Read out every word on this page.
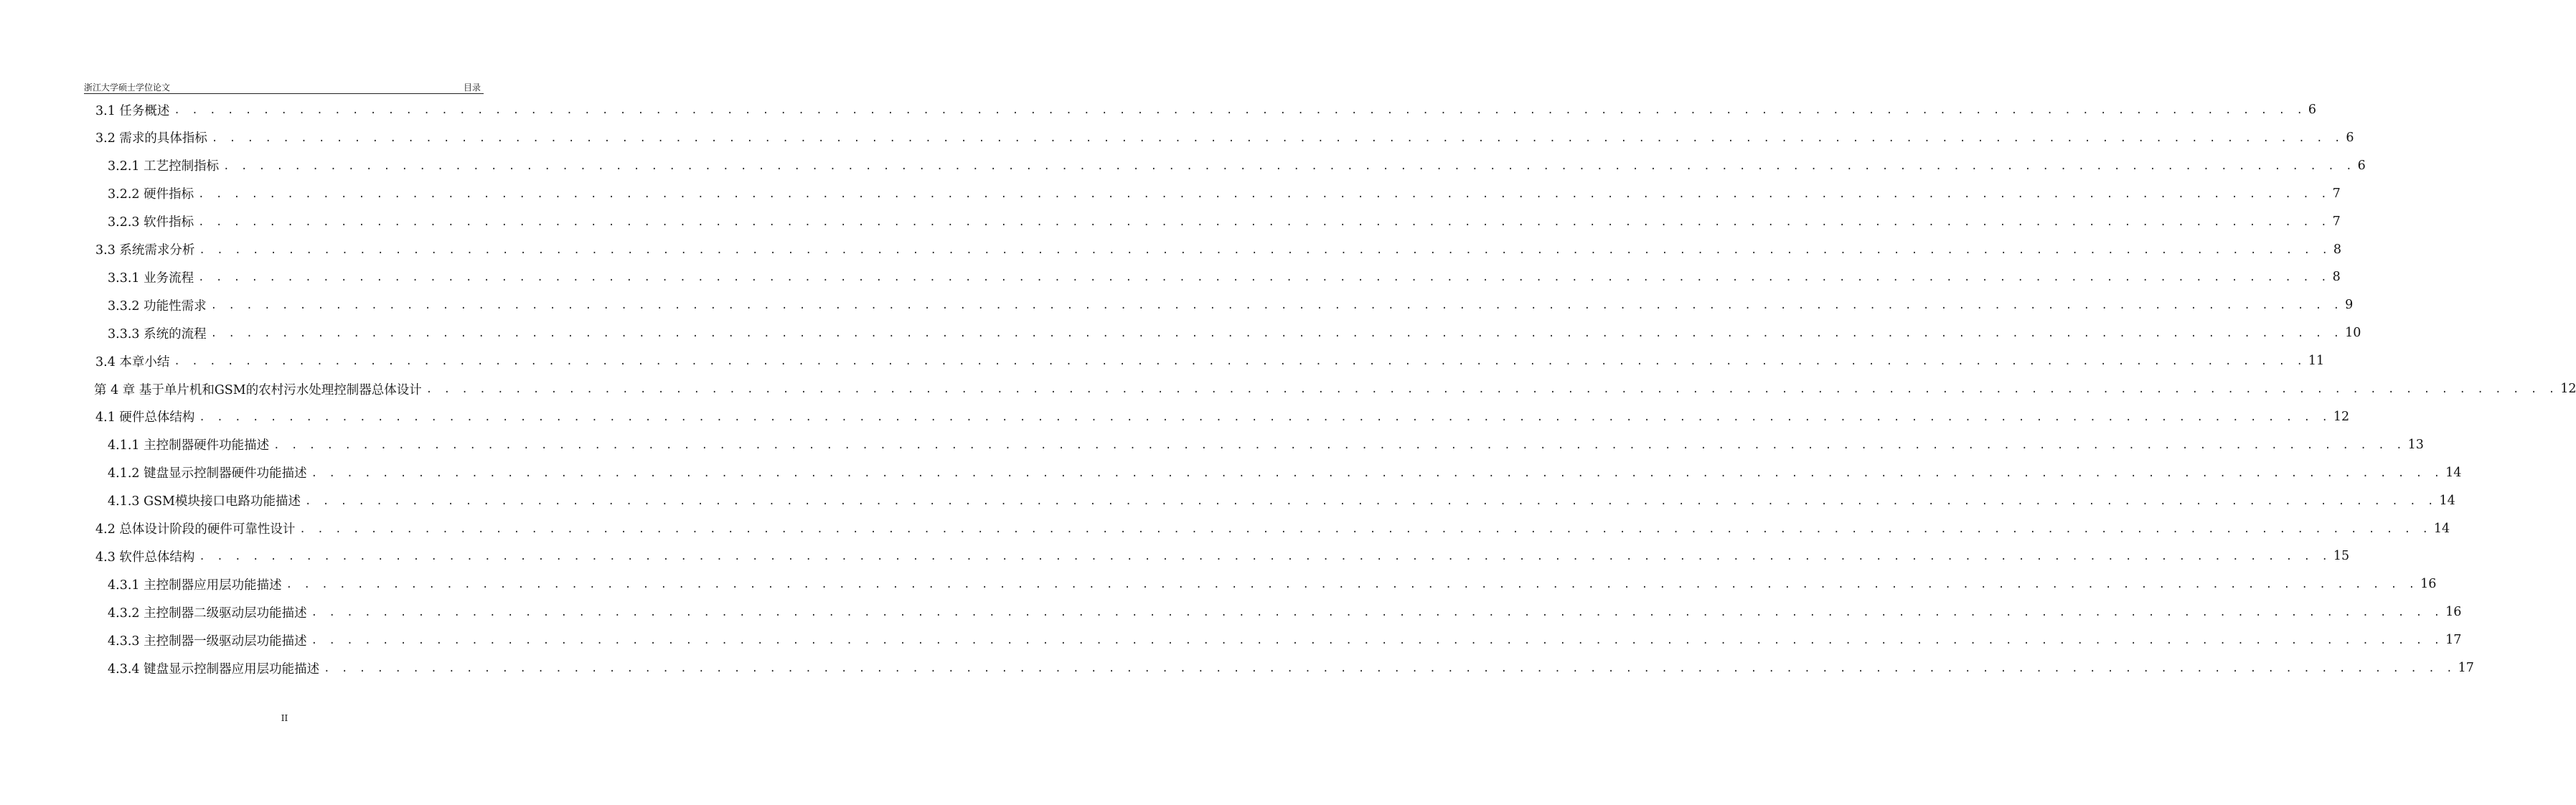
浙江大学硕士学位论文	目录
3.1 任务概述 . . . . . . . . . . . . . . . . . . . . . . . . . . . . . . . . . . . . . . . . . . . . . . . . . . . . . . . . . . . . . . . . . . . . . . . . . . . . . . . . . . . . . . . . . . . . . . . . . . . . . . . . . . . . . . . . . . . . . . . . 6
3.2 需求的具体指标 . . . . . . . . . . . . . . . . . . . . . . . . . . . . . . . . . . . . . . . . . . . . . . . . . . . . . . . . . . . . . . . . . . . . . . . . . . . . . . . . . . . . . . . . . . . . . . . . . . . . . . . . . . . . . . . . . . . . . . . . 6
3.2.1 工艺控制指标 . . . . . . . . . . . . . . . . . . . . . . . . . . . . . . . . . . . . . . . . . . . . . . . . . . . . . . . . . . . . . . . . . . . . . . . . . . . . . . . . . . . . . . . . . . . . . . . . . . . . . . . . . . . . . . . . . . . . . . . . 6
3.2.2 硬件指标 . . . . . . . . . . . . . . . . . . . . . . . . . . . . . . . . . . . . . . . . . . . . . . . . . . . . . . . . . . . . . . . . . . . . . . . . . . . . . . . . . . . . . . . . . . . . . . . . . . . . . . . . . . . . . . . . . . . . . . . . 7
3.2.3 软件指标 . . . . . . . . . . . . . . . . . . . . . . . . . . . . . . . . . . . . . . . . . . . . . . . . . . . . . . . . . . . . . . . . . . . . . . . . . . . . . . . . . . . . . . . . . . . . . . . . . . . . . . . . . . . . . . . . . . . . . . . . 7
3.3 系统需求分析 . . . . . . . . . . . . . . . . . . . . . . . . . . . . . . . . . . . . . . . . . . . . . . . . . . . . . . . . . . . . . . . . . . . . . . . . . . . . . . . . . . . . . . . . . . . . . . . . . . . . . . . . . . . . . . . . . . . . . . . . 8
3.3.1 业务流程 . . . . . . . . . . . . . . . . . . . . . . . . . . . . . . . . . . . . . . . . . . . . . . . . . . . . . . . . . . . . . . . . . . . . . . . . . . . . . . . . . . . . . . . . . . . . . . . . . . . . . . . . . . . . . . . . . . . . . . . . 8
3.3.2 功能性需求 . . . . . . . . . . . . . . . . . . . . . . . . . . . . . . . . . . . . . . . . . . . . . . . . . . . . . . . . . . . . . . . . . . . . . . . . . . . . . . . . . . . . . . . . . . . . . . . . . . . . . . . . . . . . . . . . . . . . . . . . 9
3.3.3 系统的流程 . . . . . . . . . . . . . . . . . . . . . . . . . . . . . . . . . . . . . . . . . . . . . . . . . . . . . . . . . . . . . . . . . . . . . . . . . . . . . . . . . . . . . . . . . . . . . . . . . . . . . . . . . . . . . . . . . . . . . . . . 10
3.4 本章小结 . . . . . . . . . . . . . . . . . . . . . . . . . . . . . . . . . . . . . . . . . . . . . . . . . . . . . . . . . . . . . . . . . . . . . . . . . . . . . . . . . . . . . . . . . . . . . . . . . . . . . . . . . . . . . . . . . . . . . . . . 11
第 4 章 基于单片机和GSM的农村污水处理控制器总体设计 . . . . . . . . . . . . . . . . . . . . . . . . . . . . . . . . . . . . . . . . . . . . . . . . . . . . . . . . . . . . . . . . . . . . . . . . . . . . . . . . . . . . . . . . . . . . . . . . . . . . . . . . . . . . . . . . . . . . . . . . 12
4.1 硬件总体结构 . . . . . . . . . . . . . . . . . . . . . . . . . . . . . . . . . . . . . . . . . . . . . . . . . . . . . . . . . . . . . . . . . . . . . . . . . . . . . . . . . . . . . . . . . . . . . . . . . . . . . . . . . . . . . . . . . . . . . . . . 12
4.1.1 主控制器硬件功能描述 . . . . . . . . . . . . . . . . . . . . . . . . . . . . . . . . . . . . . . . . . . . . . . . . . . . . . . . . . . . . . . . . . . . . . . . . . . . . . . . . . . . . . . . . . . . . . . . . . . . . . . . . . . . . . . . . . . . . . . . . 13
4.1.2 键盘显示控制器硬件功能描述 . . . . . . . . . . . . . . . . . . . . . . . . . . . . . . . . . . . . . . . . . . . . . . . . . . . . . . . . . . . . . . . . . . . . . . . . . . . . . . . . . . . . . . . . . . . . . . . . . . . . . . . . . . . . . . . . . . . . . . . . 14
4.1.3 GSM模块接口电路功能描述 . . . . . . . . . . . . . . . . . . . . . . . . . . . . . . . . . . . . . . . . . . . . . . . . . . . . . . . . . . . . . . . . . . . . . . . . . . . . . . . . . . . . . . . . . . . . . . . . . . . . . . . . . . . . . . . . . . . . . . . . 14
4.2 总体设计阶段的硬件可靠性设计 . . . . . . . . . . . . . . . . . . . . . . . . . . . . . . . . . . . . . . . . . . . . . . . . . . . . . . . . . . . . . . . . . . . . . . . . . . . . . . . . . . . . . . . . . . . . . . . . . . . . . . . . . . . . . . . . . . . . . . . . 14
4.3 软件总体结构 . . . . . . . . . . . . . . . . . . . . . . . . . . . . . . . . . . . . . . . . . . . . . . . . . . . . . . . . . . . . . . . . . . . . . . . . . . . . . . . . . . . . . . . . . . . . . . . . . . . . . . . . . . . . . . . . . . . . . . . . 15
4.3.1 主控制器应用层功能描述 . . . . . . . . . . . . . . . . . . . . . . . . . . . . . . . . . . . . . . . . . . . . . . . . . . . . . . . . . . . . . . . . . . . . . . . . . . . . . . . . . . . . . . . . . . . . . . . . . . . . . . . . . . . . . . . . . . . . . . . . 16
4.3.2 主控制器二级驱动层功能描述 . . . . . . . . . . . . . . . . . . . . . . . . . . . . . . . . . . . . . . . . . . . . . . . . . . . . . . . . . . . . . . . . . . . . . . . . . . . . . . . . . . . . . . . . . . . . . . . . . . . . . . . . . . . . . . . . . . . . . . . . 16
4.3.3 主控制器一级驱动层功能描述 . . . . . . . . . . . . . . . . . . . . . . . . . . . . . . . . . . . . . . . . . . . . . . . . . . . . . . . . . . . . . . . . . . . . . . . . . . . . . . . . . . . . . . . . . . . . . . . . . . . . . . . . . . . . . . . . . . . . . . . . 17
4.3.4 键盘显示控制器应用层功能描述 . . . . . . . . . . . . . . . . . . . . . . . . . . . . . . . . . . . . . . . . . . . . . . . . . . . . . . . . . . . . . . . . . . . . . . . . . . . . . . . . . . . . . . . . . . . . . . . . . . . . . . . . . . . . . . . . . . . . . . . . 17
II
